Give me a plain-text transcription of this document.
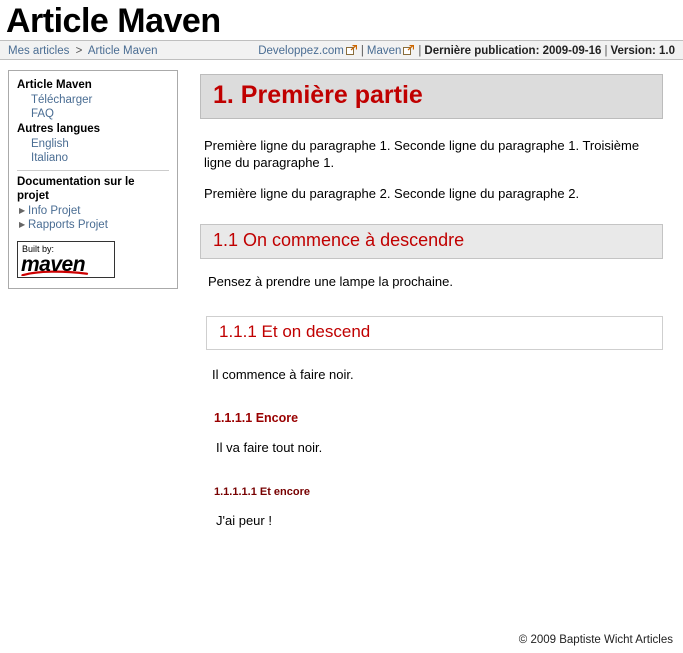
Article Maven
Mes articles > Article Maven	Developpez.com | Maven | Dernière publication: 2009-09-16 | Version: 1.0
Article Maven
Télécharger
FAQ
Autres langues
English
Italiano
Documentation sur le projet
▶ Info Projet
▶ Rapports Projet
Built by:
maven
1. Première partie

Première ligne du paragraphe 1. Seconde ligne du paragraphe 1. Troisième ligne du paragraphe 1.

Première ligne du paragraphe 2. Seconde ligne du paragraphe 2.

1.1 On commence à descendre

Pensez à prendre une lampe la prochaine.

1.1.1 Et on descend

Il commence à faire noir.

1.1.1.1 Encore

Il va faire tout noir.

1.1.1.1.1 Et encore

J'ai peur !

© 2009 Baptiste Wicht Articles
